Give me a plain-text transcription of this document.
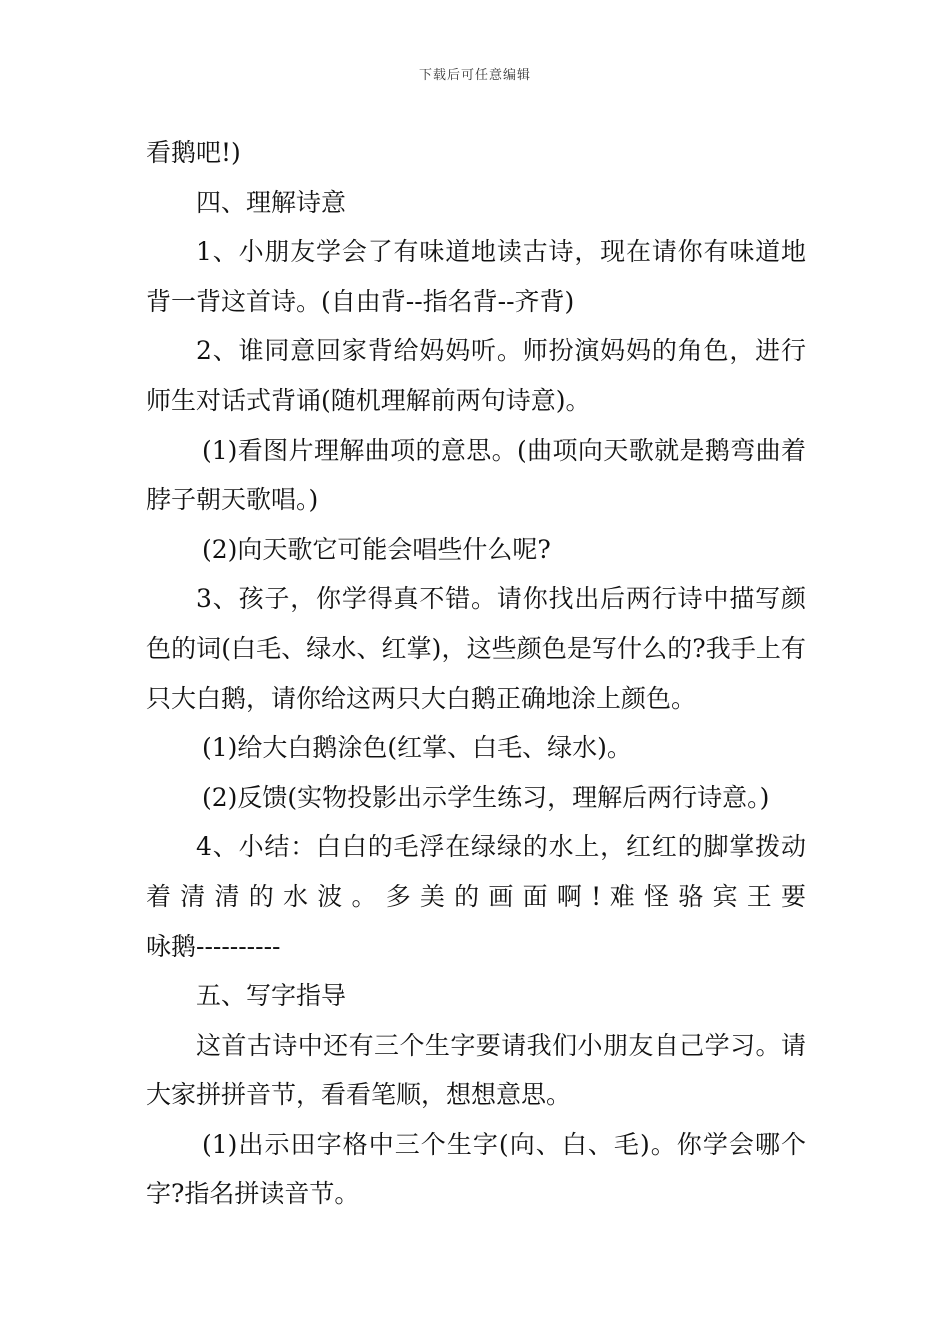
下载后可任意编辑

看鹅吧!)

四、理解诗意

1、小朋友学会了有味道地读古诗，现在请你有味道地背一背这首诗。(自由背--指名背--齐背)

2、谁同意回家背给妈妈听。师扮演妈妈的角色，进行师生对话式背诵(随机理解前两句诗意)。

(1)看图片理解曲项的意思。(曲项向天歌就是鹅弯曲着脖子朝天歌唱。)

(2)向天歌它可能会唱些什么呢?

3、孩子，你学得真不错。请你找出后两行诗中描写颜色的词(白毛、绿水、红掌)，这些颜色是写什么的?我手上有只大白鹅，请你给这两只大白鹅正确地涂上颜色。

(1)给大白鹅涂色(红掌、白毛、绿水)。

(2)反馈(实物投影出示学生练习，理解后两行诗意。)

4、小结：白白的毛浮在绿绿的水上，红红的脚掌拨动着 清 清 的 水 波 。 多 美 的 画 面 啊 ! 难 怪 骆 宾 王 要 咏鹅----------

五、写字指导

这首古诗中还有三个生字要请我们小朋友自己学习。请大家拼拼音节，看看笔顺，想想意思。

(1)出示田字格中三个生字(向、白、毛)。你学会哪个字?指名拼读音节。
